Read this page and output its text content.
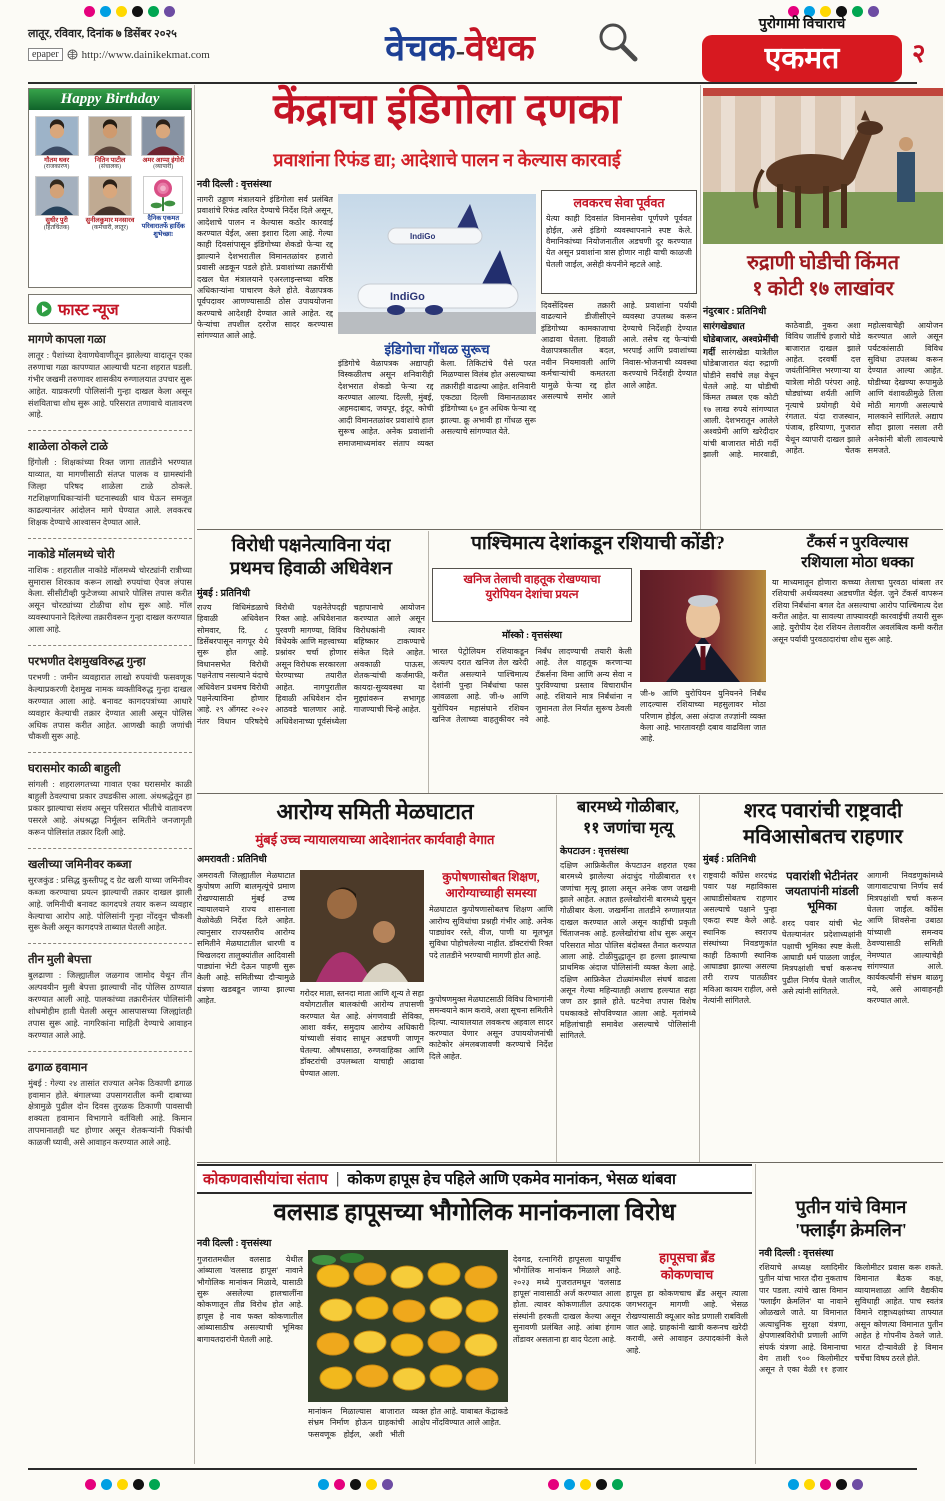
लातूर, रविवार, दिनांक ७ डिसेंबर २०२५
epaper	http://www.dainikekmat.com	वेचक-वेधक
पुरोगामी विचाराचे
एकमत	२
Happy Birthday
गौतम थवर
(राजकारण)
नितिन पाटील
(संचालक)
अमर आप्पा इंगोरी
(व्यापारी)
सुधीर पुरी
(हितचिंतक)
सुनीलकुमार मनसारव
(कर्मचारी, लातूर)
दैनिक एकमत परिवारातर्फे हार्दिक शुभेच्छा!
फास्ट न्यूज
मागणे कापला गळा
लातूर : पैशांच्या देवाणघेवाणीतून झालेल्या वादातून एका तरुणाचा गळा कापण्यात आल्याची घटना शहरात घडली. गंभीर जखमी तरुणावर शासकीय रुग्णालयात उपचार सुरू आहेत. याप्रकरणी पोलिसांनी गुन्हा दाखल केला असून संशयिताचा शोध सुरू आहे. परिसरात तणावाचे वातावरण आहे.
शाळेला ठोकले टाळे
हिंगोली : शिक्षकांच्या रिक्त जागा तातडीने भरण्यात याव्यात, या मागणीसाठी संतप्त पालक व ग्रामस्थांनी जिल्हा परिषद शाळेला टाळे ठोकले. गटशिक्षणाधिकाऱ्यांनी घटनास्थळी धाव घेऊन समजूत काढल्यानंतर आंदोलन मागे घेण्यात आले. लवकरच शिक्षक देण्याचे आश्वासन देण्यात आले.
नाकोडे मॉलमध्ये चोरी
नाशिक : शहरातील नाकोडे मॉलमध्ये चोरट्यांनी रात्रीच्या सुमारास शिरकाव करून लाखो रुपयांचा ऐवज लंपास केला. सीसीटीव्ही फुटेजच्या आधारे पोलिस तपास करीत असून चोरट्यांच्या टोळीचा शोध सुरू आहे. मॉल व्यवस्थापनाने दिलेल्या तक्रारीवरून गुन्हा दाखल करण्यात आला आहे.
परभणीत देशमुखविरुद्ध गुन्हा
परभणी : जमीन व्यवहारात लाखो रुपयांची फसवणूक केल्याप्रकरणी देशमुख नामक व्यक्तीविरुद्ध गुन्हा दाखल करण्यात आला आहे. बनावट कागदपत्रांच्या आधारे व्यवहार केल्याची तक्रार देण्यात आली असून पोलिस अधिक तपास करीत आहेत. आणखी काही जणांची चौकशी सुरू आहे.
घरासमोर काळी बाहुली
सांगली : शहरालगतच्या गावात एका घरासमोर काळी बाहुली ठेवल्याचा प्रकार उघडकीस आला. अंधश्रद्धेतून हा प्रकार झाल्याचा संशय असून परिसरात भीतीचे वातावरण पसरले आहे. अंधश्रद्धा निर्मूलन समितीने जनजागृती करून पोलिसांत तक्रार दिली आहे.
खलीच्या जमिनीवर कब्जा
सुरजकुंड : प्रसिद्ध कुस्तीपटू द ग्रेट खली याच्या जमिनीवर कब्जा करण्याचा प्रयत्न झाल्याची तक्रार दाखल झाली आहे. जमिनीची बनावट कागदपत्रे तयार करून व्यवहार केल्याचा आरोप आहे. पोलिसांनी गुन्हा नोंदवून चौकशी सुरू केली असून कागदपत्रे ताब्यात घेतली आहेत.
तीन मुली बेपत्ता
बुलढाणा : जिल्ह्यातील जळगाव जामोद येथून तीन अल्पवयीन मुली बेपत्ता झाल्याची नोंद पोलिस ठाण्यात करण्यात आली आहे. पालकांच्या तक्रारीनंतर पोलिसांनी शोधमोहीम हाती घेतली असून आसपासच्या जिल्ह्यांतही तपास सुरू आहे. नागरिकांना माहिती देण्याचे आवाहन करण्यात आले आहे.
ढगाळ हवामान
मुंबई : गेल्या २४ तासांत राज्यात अनेक ठिकाणी ढगाळ हवामान होते. बंगालच्या उपसागरातील कमी दाबाच्या क्षेत्रामुळे पुढील दोन दिवस तुरळक ठिकाणी पावसाची शक्यता हवामान विभागाने वर्तविली आहे. किमान तापमानातही घट होणार असून शेतकऱ्यांनी पिकांची काळजी घ्यावी, असे आवाहन करण्यात आले आहे.
केंद्राचा इंडिगोला दणका
प्रवाशांना रिफंड द्या; आदेशाचे पालन न केल्यास कारवाई
नवी दिल्ली : वृत्तसंस्था
नागरी उड्डाण मंत्रालयाने इंडिगोला सर्व प्रलंबित प्रवाशांचे रिफंड त्वरित देण्याचे निर्देश दिले असून, आदेशाचे पालन न केल्यास कठोर कारवाई करण्यात येईल, असा इशारा दिला आहे. गेल्या काही दिवसांपासून इंडिगोच्या शेकडो फेऱ्या रद्द झाल्याने देशभरातील विमानतळांवर हजारो प्रवासी अडकून पडले होते. प्रवाशांच्या तक्रारींची दखल घेत मंत्रालयाने एअरलाइन्सच्या वरिष्ठ अधिकाऱ्यांना पाचारण केले होते. वेळापत्रक पूर्वपदावर आणण्यासाठी ठोस उपाययोजना करण्याचे आदेशही देण्यात आले आहेत. रद्द फेऱ्यांचा तपशील दररोज सादर करण्यास सांगण्यात आले आहे.
IndiGo
IndiGo
इंडिगोचा गोंधळ सुरूच
इंडिगोचे वेळापत्रक अद्यापही विस्कळीतच असून शनिवारीही देशभरात शेकडो फेऱ्या रद्द करण्यात आल्या. दिल्ली, मुंबई, अहमदाबाद, जयपूर, इंदूर, कोची आदी विमानतळांवर प्रवाशांचे हाल सुरूच आहेत. अनेक प्रवाशांनी समाजमाध्यमांवर संताप व्यक्त केला. तिकिटांचे पैसे परत मिळण्यास विलंब होत असल्याच्या तक्रारीही वाढल्या आहेत. शनिवारी एकट्या दिल्ली विमानतळावर इंडिगोच्या ६० हून अधिक फेऱ्या रद्द झाल्या. क्रू अभावी हा गोंधळ सुरू असल्याचे सांगण्यात येते.
लवकरच सेवा पूर्ववत
येत्या काही दिवसांत विमानसेवा पूर्णपणे पूर्ववत होईल, असे इंडिगो व्यवस्थापनाने स्पष्ट केले. वैमानिकांच्या नियोजनातील अडचणी दूर करण्यात येत असून प्रवाशांना त्रास होणार नाही याची काळजी घेतली जाईल, असेही कंपनीने म्हटले आहे.
दिवसेंदिवस तक्रारी वाढल्याने डीजीसीएने इंडिगोच्या कामकाजाचा आढावा घेतला. हिवाळी वेळापत्रकातील बदल, नवीन नियमावली आणि कर्मचाऱ्यांची कमतरता यामुळे फेऱ्या रद्द होत असल्याचे समोर आले आहे. प्रवाशांना पर्यायी व्यवस्था उपलब्ध करून देण्याचे निर्देशही देण्यात आले. तसेच रद्द फेऱ्यांची भरपाई आणि प्रवाशांच्या निवास-भोजनाची व्यवस्था करण्याचे निर्देशही देण्यात आले आहेत.
रुद्राणी घोडीची किंमत
१ कोटी १७ लाखांवर
नंदुरबार : प्रतिनिधी
सारंगखेड्यात घोडेबाजार, अश्वप्रेमींची गर्दी सारंगखेडा यात्रेतील घोडेबाजारात यंदा रुद्राणी घोडीने सर्वांचे लक्ष वेधून घेतले आहे. या घोडीची किंमत तब्बल एक कोटी १७ लाख रुपये सांगण्यात आली. देशभरातून आलेले अश्वप्रेमी आणि खरेदीदार यांची बाजारात मोठी गर्दी झाली आहे. मारवाडी, काठेवाडी, नुकरा अशा विविध जातींचे हजारो घोडे बाजारात दाखल झाले आहेत. दरवर्षी दत्त जयंतीनिमित्त भरणाऱ्या या यात्रेला मोठी परंपरा आहे. घोड्यांच्या शर्यती आणि नृत्याचे प्रयोगही येथे रंगतात. यंदा राजस्थान, पंजाब, हरियाणा, गुजरात येथून व्यापारी दाखल झाले आहेत. चेतक महोत्सवाचेही आयोजन करण्यात आले असून पर्यटकांसाठी विविध सुविधा उपलब्ध करून देण्यात आल्या आहेत. घोडीच्या देखण्या रूपामुळे आणि वंशावळीमुळे तिला मोठी मागणी असल्याचे मालकाने सांगितले. अद्याप सौदा झाला नसला तरी अनेकांनी बोली लावल्याचे समजते.
विरोधी पक्षनेत्याविना यंदा
प्रथमच हिवाळी अधिवेशन
मुंबई : प्रतिनिधी
राज्य विधिमंडळाचे हिवाळी अधिवेशन सोमवार, दि. ८ डिसेंबरपासून नागपूर येथे सुरू होत आहे. विधानसभेत विरोधी पक्षनेताच नसल्याने यंदाचे अधिवेशन प्रथमच विरोधी पक्षनेत्याविना होणार आहे. २९ ऑगस्ट २०२२ नंतर विधान परिषदेचे विरोधी पक्षनेतेपदही रिक्त आहे. अधिवेशनात पुरवणी मागण्या, विविध विधेयके आणि महत्त्वाच्या प्रश्नांवर चर्चा होणार असून विरोधक सरकारला घेरण्याच्या तयारीत आहेत. नागपुरातील हिवाळी अधिवेशन दोन आठवडे चालणार आहे. अधिवेशनाच्या पूर्वसंध्येला चहापानाचे आयोजन करण्यात आले असून विरोधकांनी त्यावर बहिष्कार टाकण्याचे संकेत दिले आहेत. अवकाळी पाऊस, शेतकऱ्यांची कर्जमाफी, कायदा-सुव्यवस्था या मुद्द्यांवरून सभागृह गाजण्याची चिन्हे आहेत.
पाश्चिमात्य देशांकडून रशियाची कोंडी?
खनिज तेलाची वाहतूक रोखण्याचा
युरोपियन देशांचा प्रयत्न
मॉस्को : वृत्तसंस्था
भारत पेट्रोलियम रशियाकडून अत्यल्प दरात खनिज तेल खरेदी करीत असल्याने पाश्चिमात्य देशांनी पुन्हा निर्बंधांचा फास आवळला आहे. जी-७ आणि युरोपियन महासंघाने रशियन खनिज तेलाच्या वाहतुकीवर नवे निर्बंध लादण्याची तयारी केली आहे. तेल वाहतूक करणाऱ्या टँकर्सना विमा आणि अन्य सेवा न पुरविण्याचा प्रस्ताव विचाराधीन आहे. रशियाने मात्र निर्बंधांना न जुमानता तेल निर्यात सुरूच ठेवली आहे.
जी-७ आणि युरोपियन युनियनने निर्बंध लादल्यास रशियाच्या महसुलावर मोठा परिणाम होईल, असा अंदाज तज्ज्ञांनी व्यक्त केला आहे. भारतावरही दबाव वाढविला जात आहे.
टँकर्स न पुरविल्यास
रशियाला मोठा धक्का
या माध्यमातून होणारा कच्च्या तेलाचा पुरवठा थांबला तर रशियाची अर्थव्यवस्था अडचणीत येईल. जुने टँकर्स वापरून रशिया निर्बंधांना बगल देत असल्याचा आरोप पाश्चिमात्य देश करीत आहेत. या सावल्या ताफ्यावरही कारवाईची तयारी सुरू आहे. युरोपीय देश रशियन तेलावरील अवलंबित्व कमी करीत असून पर्यायी पुरवठादारांचा शोध सुरू आहे.
आरोग्य समिती मेळघाटात
मुंबई उच्च न्यायालयाच्या आदेशानंतर कार्यवाही वेगात
अमरावती : प्रतिनिधी
अमरावती जिल्ह्यातील मेळघाटात कुपोषण आणि बालमृत्यूंचे प्रमाण रोखण्यासाठी मुंबई उच्च न्यायालयाने राज्य शासनाला वेळोवेळी निर्देश दिले आहेत. त्यानुसार राज्यस्तरीय आरोग्य समितीने मेळघाटातील धारणी व चिखलदरा तालुक्यांतील आदिवासी पाड्यांना भेटी देऊन पाहणी सुरू केली आहे. समितीच्या दौऱ्यामुळे यंत्रणा खडबडून जाग्या झाल्या आहेत.
गरोदर माता, स्तनदा माता आणि शून्य ते सहा वयोगटातील बालकांची आरोग्य तपासणी करण्यात येत आहे. अंगणवाडी सेविका, आशा वर्कर, समुदाय आरोग्य अधिकारी यांच्याशी संवाद साधून अडचणी जाणून घेतल्या. औषधसाठा, रुग्णवाहिका आणि डॉक्टरांची उपलब्धता याचाही आढावा घेण्यात आला.
कुपोषणासोबत शिक्षण,
आरोग्याच्याही समस्या
मेळघाटात कुपोषणासोबतच शिक्षण आणि आरोग्य सुविधांचा प्रश्नही गंभीर आहे. अनेक पाड्यांवर रस्ते, वीज, पाणी या मूलभूत सुविधा पोहोचलेल्या नाहीत. डॉक्टरांची रिक्त पदे तातडीने भरण्याची मागणी होत आहे.
कुपोषणमुक्त मेळघाटसाठी विविध विभागांनी समन्वयाने काम करावे, अशा सूचना समितीने दिल्या. न्यायालयात लवकरच अहवाल सादर करण्यात येणार असून उपाययोजनांची काटेकोर अंमलबजावणी करण्याचे निर्देश दिले आहेत.
बारमध्ये गोळीबार,
११ जणांचा मृत्यू
केपटाउन : वृत्तसंस्था
दक्षिण आफ्रिकेतील केपटाउन शहरात एका बारमध्ये झालेल्या अंदाधुंद गोळीबारात ११ जणांचा मृत्यू झाला असून अनेक जण जखमी झाले आहेत. अज्ञात हल्लेखोरांनी बारमध्ये घुसून गोळीबार केला. जखमींना तातडीने रुग्णालयात दाखल करण्यात आले असून काहींची प्रकृती चिंताजनक आहे. हल्लेखोरांचा शोध सुरू असून परिसरात मोठा पोलिस बंदोबस्त तैनात करण्यात आला आहे. टोळीयुद्धातून हा हल्ला झाल्याचा प्राथमिक अंदाज पोलिसांनी व्यक्त केला आहे. दक्षिण आफ्रिकेत टोळ्यांमधील संघर्ष वाढला असून गेल्या महिन्यातही अशाच हल्ल्यात सहा जण ठार झाले होते. घटनेचा तपास विशेष पथकाकडे सोपविण्यात आला आहे. मृतांमध्ये महिलांचाही समावेश असल्याचे पोलिसांनी सांगितले.
शरद पवारांची राष्ट्रवादी
मविआसोबतच राहणार
मुंबई : प्रतिनिधी
राष्ट्रवादी काँग्रेस शरदचंद्र पवार पक्ष महाविकास आघाडीसोबतच राहणार असल्याचे पक्षाने पुन्हा एकदा स्पष्ट केले आहे. स्थानिक स्वराज्य संस्थांच्या निवडणुकांत काही ठिकाणी स्थानिक आघाड्या झाल्या असल्या तरी राज्य पातळीवर मविआ कायम राहील, असे नेत्यांनी सांगितले.
पवारांशी भेटीनंतर जयतापांनी मांडली भूमिका
शरद पवार यांची भेट घेतल्यानंतर प्रदेशाध्यक्षांनी पक्षाची भूमिका स्पष्ट केली. आघाडी धर्म पाळला जाईल, मित्रपक्षांशी चर्चा करूनच पुढील निर्णय घेतले जातील, असे त्यांनी सांगितले.
आगामी निवडणुकांमध्ये जागावाटपाचा निर्णय सर्व मित्रपक्षांशी चर्चा करून घेतला जाईल. काँग्रेस आणि शिवसेना उबाठा यांच्याशी समन्वय ठेवण्यासाठी समिती नेमण्यात आल्याचेही सांगण्यात आले. कार्यकर्त्यांनी संभ्रम बाळगू नये, असे आवाहनही करण्यात आले.
कोकणवासीयांचा संताप | कोकण हापूस हेच पहिले आणि एकमेव मानांकन, भेसळ थांबवा
वलसाड हापूसच्या भौगोलिक मानांकनाला विरोध
नवी दिल्ली : वृत्तसंस्था
गुजरातमधील वलसाड येथील आंब्याला 'वलसाड हापूस' नावाने भौगोलिक मानांकन मिळावे, यासाठी सुरू असलेल्या हालचालींना कोकणातून तीव्र विरोध होत आहे. हापूस हे नाव फक्त कोकणातील आंब्यासाठीच असल्याची भूमिका बागायतदारांनी घेतली आहे.
मानांकन मिळाल्यास बाजारात संभ्रम निर्माण होऊन ग्राहकांची फसवणूक होईल, अशी भीती व्यक्त होत आहे. याबाबत केंद्राकडे आक्षेप नोंदविण्यात आले आहेत.
देवगड, रत्नागिरी हापूसला यापूर्वीच भौगोलिक मानांकन मिळाले आहे. २०२३ मध्ये गुजरातमधून 'वलसाड हापूस' नावासाठी अर्ज करण्यात आला होता. त्यावर कोकणातील उत्पादक संस्थांनी हरकती दाखल केल्या असून सुनावणी प्रलंबित आहे. आंबा हंगाम तोंडावर असताना हा वाद पेटला आहे.
हापूसचा ब्रँड
कोकणचाच
हापूस हा कोकणचाच ब्रँड असून त्याला जगभरातून मागणी आहे. भेसळ रोखण्यासाठी क्यूआर कोड प्रणाली राबविली जात आहे. ग्राहकांनी खात्री करूनच खरेदी करावी, असे आवाहन उत्पादकांनी केले आहे.
पुतीन यांचे विमान
'फ्लाईंग क्रेमलिन'
नवी दिल्ली : वृत्तसंस्था
रशियाचे अध्यक्ष व्लादिमीर पुतीन यांचा भारत दौरा नुकताच पार पडला. त्यांचे खास विमान 'फ्लाईंग क्रेमलिन' या नावाने ओळखले जाते. या विमानात अत्याधुनिक सुरक्षा यंत्रणा, क्षेपणास्त्रविरोधी प्रणाली आणि संपर्क यंत्रणा आहे. विमानाचा वेग ताशी ९०० किलोमीटर असून ते एका वेळी ११ हजार किलोमीटर प्रवास करू शकते. विमानात बैठक कक्ष, व्यायामशाळा आणि वैद्यकीय सुविधाही आहेत. पाच स्वतंत्र विमाने राष्ट्राध्यक्षांच्या ताफ्यात असून कोणत्या विमानात पुतीन आहेत हे गोपनीय ठेवले जाते. भारत दौऱ्यावेळी हे विमान चर्चेचा विषय ठरले होते.
